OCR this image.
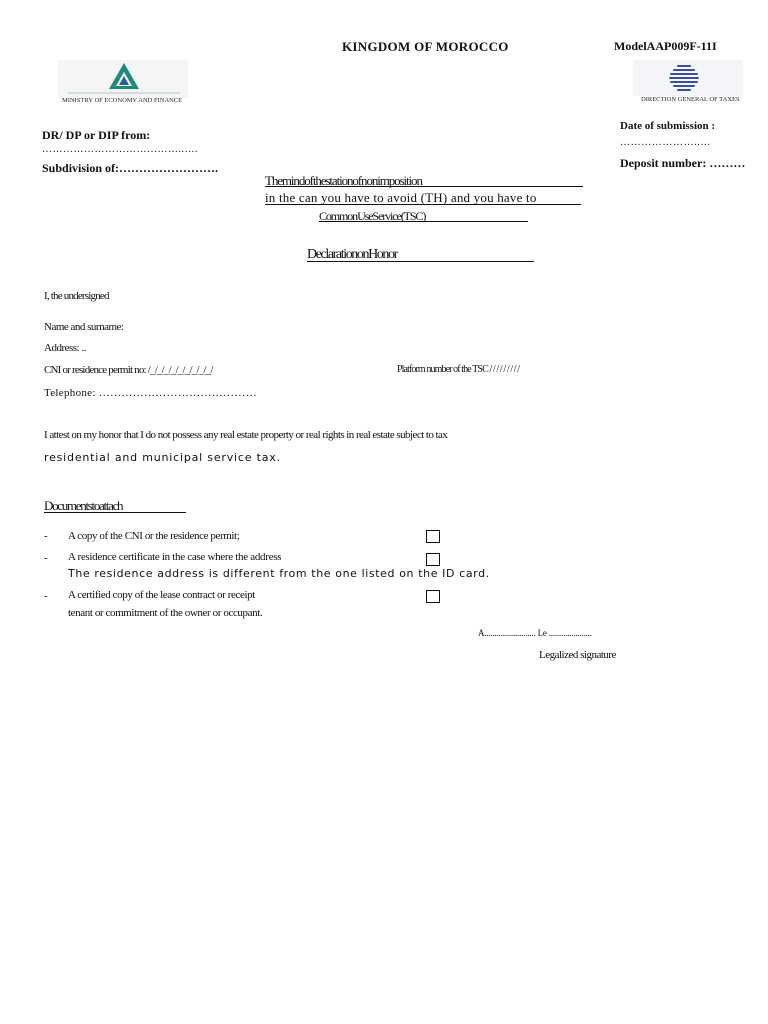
KINGDOM OF MOROCCO	ModelAAP009F-11I
MINISTRY OF ECONOMY AND FINANCE	DIRECTION GENERAL OF TAXES
DR/ DP or DIP from:
…………………………………..….
Subdivision of:…………………….
Date of submission :
…………………..…
Deposit number: ………
Themindofthestationofnonimposition
in the can you have to avoid (TH) and you have to
CommonUseService(TSC)
DeclarationonHonor
I, the undersigned
Name and surname:
Address: ..
CNI or residence permit no: /_/_/_/_/_/_/_/_/_/	Platform number of the TSC / / / / / / / / /
Telephone: ……………………………………
I attest on my honor that I do not possess any real estate property or real rights in real estate subject to tax
residential and municipal service tax.
Documentstoattach
- A copy of the CNI or the residence permit;
- A residence certificate in the case where the address
The residence address is different from the one listed on the ID card.
- A certified copy of the lease contract or receipt
tenant or commitment of the owner or occupant.
A......................... Le .....................
Legalized signature
